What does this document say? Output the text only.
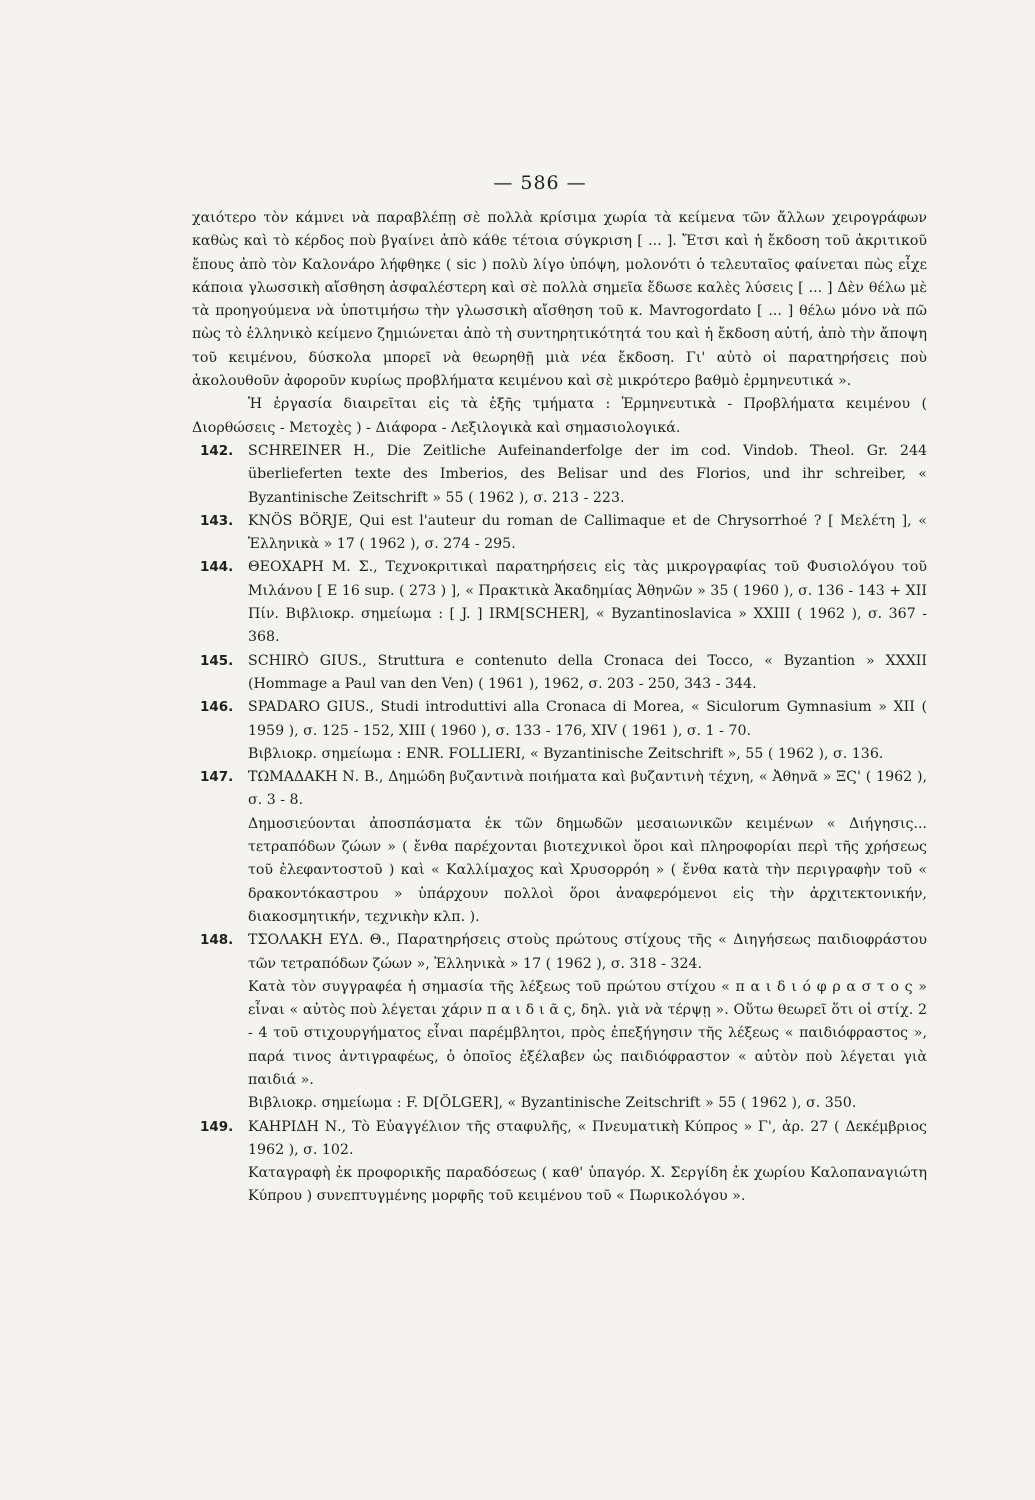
— 586 —

χαιότερο τὸν κάμνει νὰ παραβλέπῃ σὲ πολλὰ κρίσιμα χωρία τὰ κείμενα τῶν ἄλλων χειρογράφων καθὼς καὶ τὸ κέρδος ποὺ βγαίνει ἀπὸ κάθε τέτοια σύγκριση [ ... ]. Ἔτσι καὶ ἡ ἔκδοση τοῦ ἀκριτικοῦ ἔπους ἀπὸ τὸν Καλονάρο λήφθηκε ( sic ) πολὺ λίγο ὑπόψη, μολονότι ὁ τελευταῖος φαίνεται πὼς εἶχε κάποια γλωσσικὴ αἴσθηση ἀσφαλέστερη καὶ σὲ πολλὰ σημεῖα ἔδωσε καλὲς λύσεις [ ... ] Δὲν θέλω μὲ τὰ προηγούμενα νὰ ὑποτιμήσω τὴν γλωσσικὴ αἴσθηση τοῦ κ. Mavrogordato [ ... ] θέλω μόνο νὰ πῶ πὼς τὸ ἑλληνικὸ κείμενο ζημιώνεται ἀπὸ τὴ συντηρητικότητά του καὶ ἡ ἔκδοση αὐτή, ἀπὸ τὴν ἄποψη τοῦ κειμένου, δύσκολα μπορεῖ νὰ θεωρηθῇ μιὰ νέα ἔκδοση. Γι' αὐτὸ οἱ παρατηρήσεις ποὺ ἀκολουθοῦν ἀφοροῦν κυρίως προβλήματα κειμένου καὶ σὲ μικρότερο βαθμὸ ἑρμηνευτικά ».

Ἡ ἐργασία διαιρεῖται εἰς τὰ ἑξῆς τμήματα : Ἑρμηνευτικὰ - Προβλήματα κειμένου ( Διορθώσεις - Μετοχὲς ) - Διάφορα - Λεξιλογικὰ καὶ σημασιολογικά.

142. SCHREINER H., Die Zeitliche Aufeinanderfolge der im cod. Vindob. Theol. Gr. 244 überlieferten texte des Imberios, des Belisar und des Florios, und ihr schreiber, « Byzantinische Zeitschrift » 55 ( 1962 ), σ. 213 - 223.

143. KNÖS BÖRJE, Qui est l'auteur du roman de Callimaque et de Chrysorrhoé ? [ Μελέτη ], « Ἑλληνικὰ » 17 ( 1962 ), σ. 274 - 295.

144. ΘΕΟΧΑΡΗ Μ. Σ., Τεχνοκριτικαὶ παρατηρήσεις εἰς τὰς μικρογραφίας τοῦ Φυσιολόγου τοῦ Μιλάνου [ E 16 sup. ( 273 ) ], « Πρακτικὰ Ἀκαδημίας Ἀθηνῶν » 35 ( 1960 ), σ. 136 - 143 + XII Πίν. Βιβλιοκρ. σημείωμα : [ J. ] IRM[SCHER], « Byzantinoslavica » XXIII ( 1962 ), σ. 367 - 368.

145. SCHIRÒ GIUS., Struttura e contenuto della Cronaca dei Tocco, « Byzantion » XXXII (Hommage a Paul van den Ven) ( 1961 ), 1962, σ. 203 - 250, 343 - 344.

146. SPADARO GIUS., Studi introduttivi alla Cronaca di Morea, « Siculorum Gymnasium » XII ( 1959 ), σ. 125 - 152, XIII ( 1960 ), σ. 133 - 176, XIV ( 1961 ), σ. 1 - 70.

Βιβλιοκρ. σημείωμα : ENR. FOLLIERI, « Byzantinische Zeitschrift », 55 ( 1962 ), σ. 136.

147. ΤΩΜΑΔΑΚΗ Ν. Β., Δημώδη βυζαντινὰ ποιήματα καὶ βυζαντινὴ τέχνη, « Ἀθηνᾶ » ΞϚ' ( 1962 ), σ. 3 - 8.

Δημοσιεύονται ἀποσπάσματα ἐκ τῶν δημωδῶν μεσαιωνικῶν κειμένων « Διήγησις... τετραπόδων ζώων » ( ἔνθα παρέχονται βιοτεχνικοὶ ὅροι καὶ πληροφορίαι περὶ τῆς χρήσεως τοῦ ἐλεφαντοστοῦ ) καὶ « Καλλίμαχος καὶ Χρυσορρόη » ( ἔνθα κατὰ τὴν περιγραφὴν τοῦ « δρακοντόκαστρου » ὑπάρχουν πολλοὶ ὅροι ἀναφερόμενοι εἰς τὴν ἀρχιτεκτονικήν, διακοσμητικήν, τεχνικὴν κλπ. ).

148. ΤΣΟΛΑΚΗ ΕΥΔ. Θ., Παρατηρήσεις στοὺς πρώτους στίχους τῆς « Διηγήσεως παιδιοφράστου τῶν τετραπόδων ζώων », Ἑλληνικὰ » 17 ( 1962 ), σ. 318 - 324.

Κατὰ τὸν συγγραφέα ἡ σημασία τῆς λέξεως τοῦ πρώτου στίχου « π α ι δ ι ό φ ρ α σ τ ο ς » εἶναι « αὐτὸς ποὺ λέγεται χάριν π α ι δ ι ᾶ ς, δηλ. γιὰ νὰ τέρψῃ ». Οὕτω θεωρεῖ ὅτι οἱ στίχ. 2 - 4 τοῦ στιχουργήματος εἶναι παρέμβλητοι, πρὸς ἐπεξήγησιν τῆς λέξεως « παιδιόφραστος », παρά τινος ἀντιγραφέως, ὁ ὁποῖος ἐξέλαβεν ὡς παιδιόφραστον « αὐτὸν ποὺ λέγεται γιὰ παιδιά ».

Βιβλιοκρ. σημείωμα : F. D[ÖLGER], « Byzantinische Zeitschrift » 55 ( 1962 ), σ. 350.

149. ΚΑΗΡΙΔΗ Ν., Τὸ Εὐαγγέλιον τῆς σταφυλῆς, « Πνευματικὴ Κύπρος » Γ', ἀρ. 27 ( Δεκέμβριος 1962 ), σ. 102.

Καταγραφὴ ἐκ προφορικῆς παραδόσεως ( καθ' ὑπαγόρ. Χ. Σεργίδη ἐκ χωρίου Καλοπαναγιώτη Κύπρου ) συνεπτυγμένης μορφῆς τοῦ κειμένου τοῦ « Πωρικολόγου ».
